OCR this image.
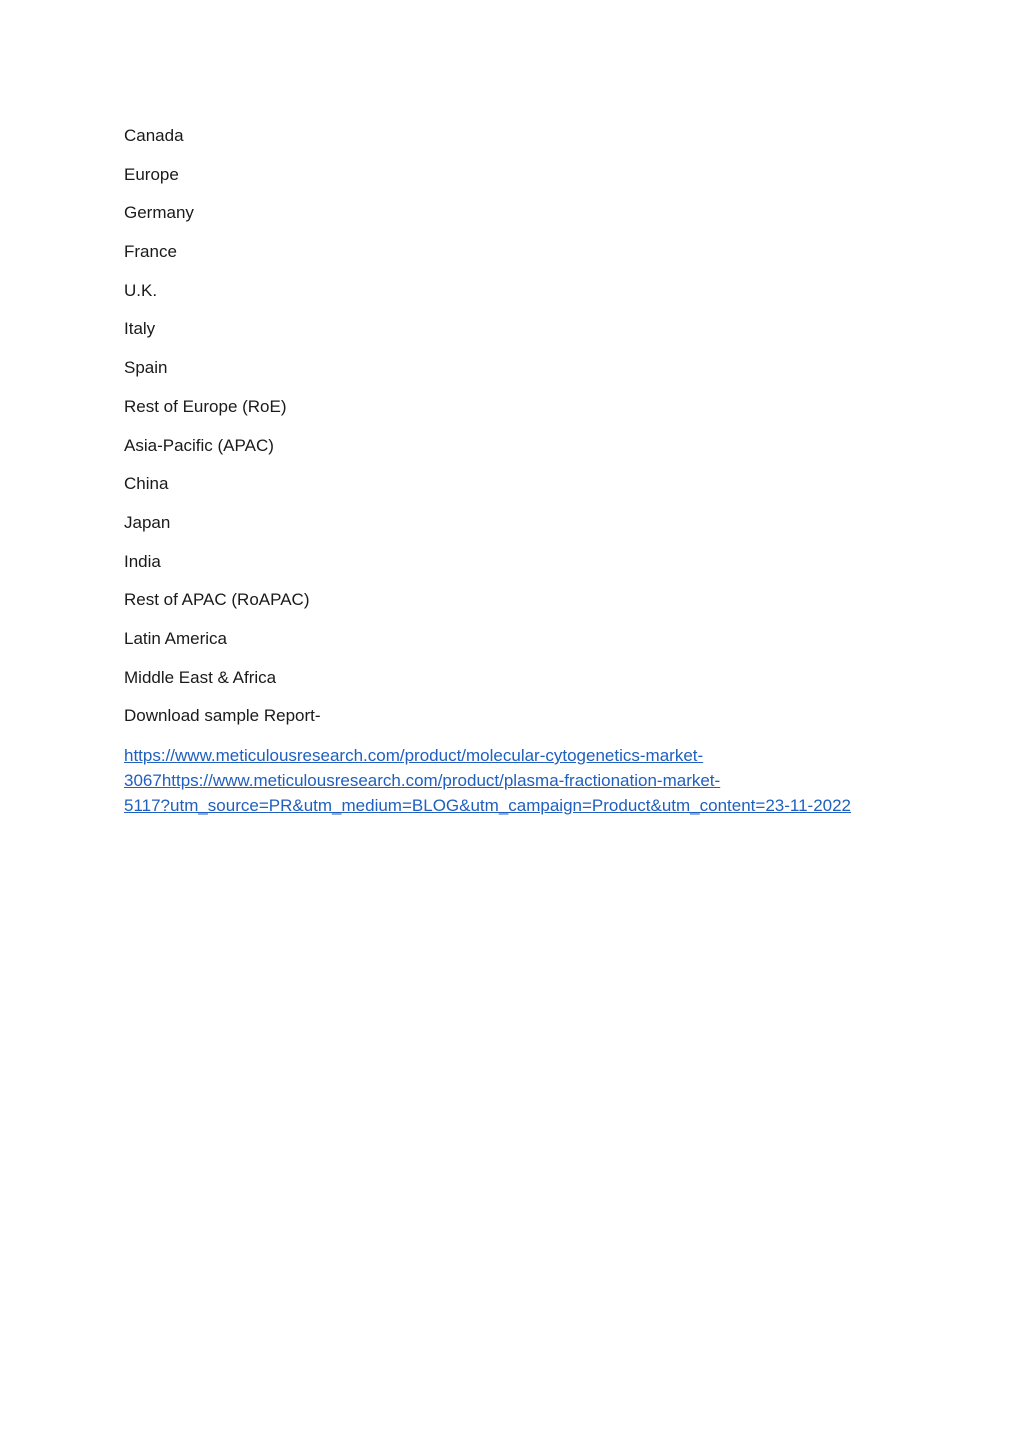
Canada
Europe
Germany
France
U.K.
Italy
Spain
Rest of Europe (RoE)
Asia-Pacific (APAC)
China
Japan
India
Rest of APAC (RoAPAC)
Latin America
Middle East & Africa
Download sample Report-
https://www.meticulousresearch.com/product/molecular-cytogenetics-market-
3067https://www.meticulousresearch.com/product/plasma-fractionation-market-
5117?utm_source=PR&utm_medium=BLOG&utm_campaign=Product&utm_content=23-11-2022
